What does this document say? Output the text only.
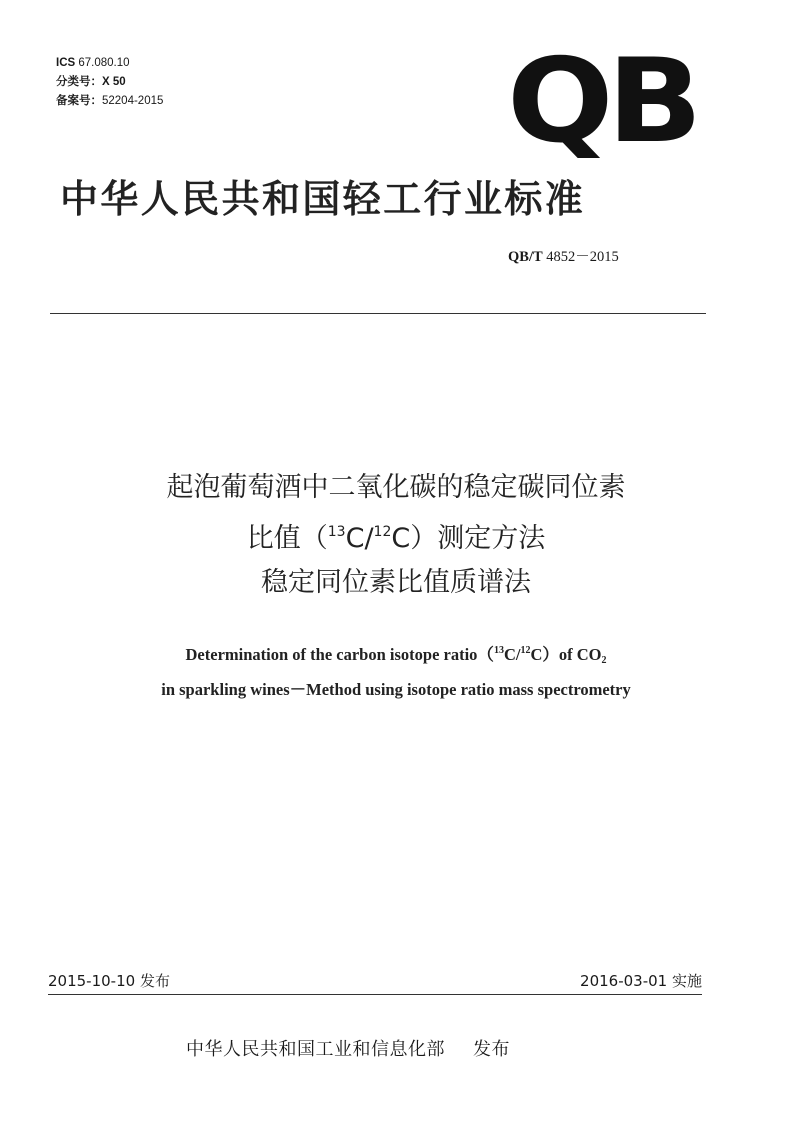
ICS 67.080.10
分类号：X 50
备案号：52204-2015	QB
中华人民共和国轻工行业标准
QB/T 4852－2015
起泡葡萄酒中二氧化碳的稳定碳同位素
比值（$^{13}$C/$^{12}$C）测定方法
稳定同位素比值质谱法
Determination of the carbon isotope ratio（$^{13}$C/$^{12}$C）of $CO_2$
in sparkling wines－Method using isotope ratio mass spectrometry
2015-10-10 发布	2016-03-01 实施
中华人民共和国工业和信息化部 发布
